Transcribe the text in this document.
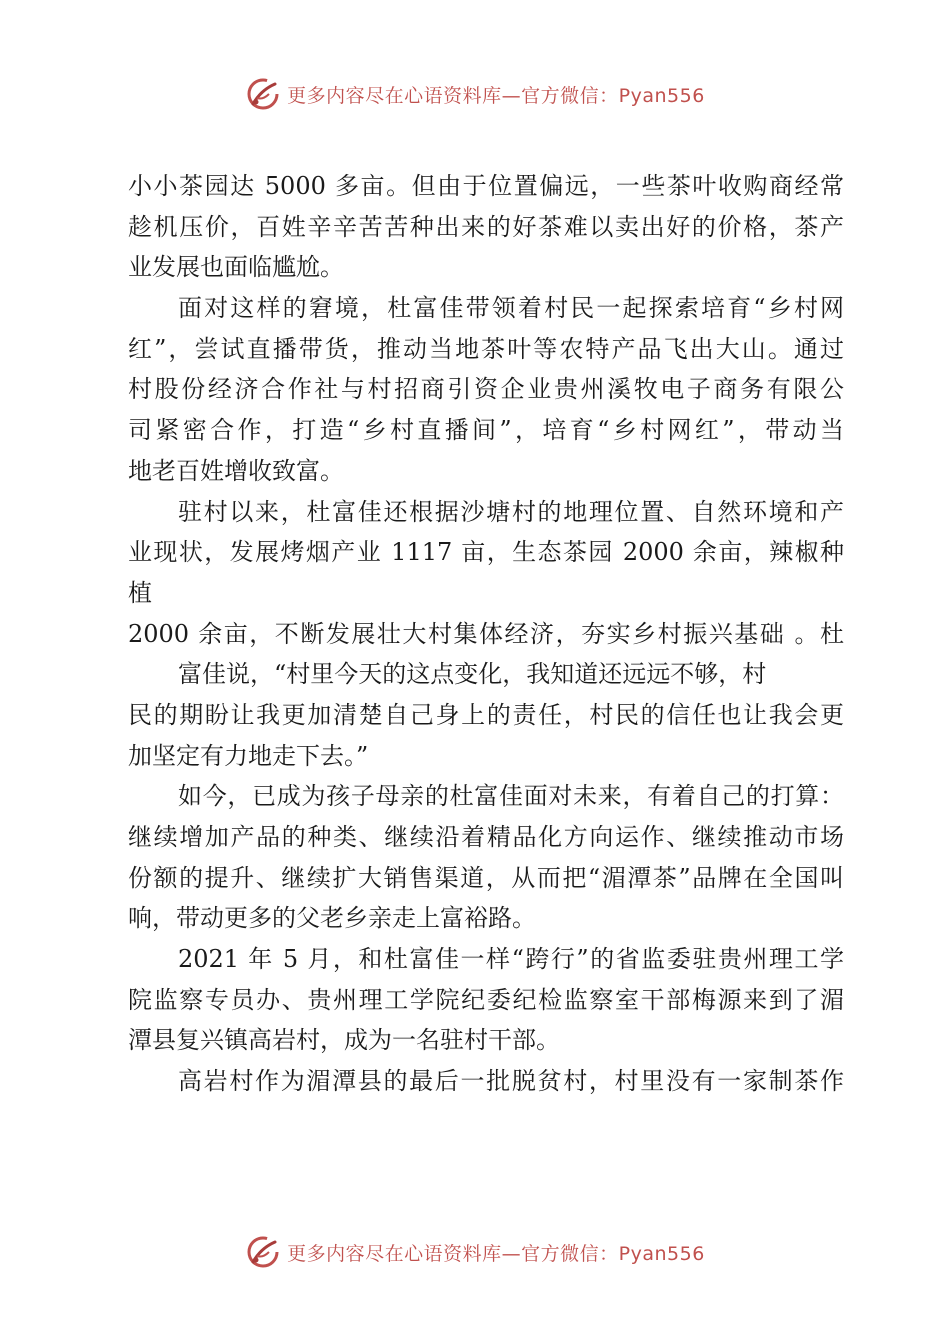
更多内容尽在心语资料库—官方微信：Pyan556
小小茶园达 5000 多亩。但由于位置偏远，一些茶叶收购商经常
趁机压价，百姓辛辛苦苦种出来的好茶难以卖出好的价格，茶产
业发展也面临尴尬。
面对这样的窘境，杜富佳带领着村民一起探索培育“乡村网
红”，尝试直播带货，推动当地茶叶等农特产品飞出大山。通过
村股份经济合作社与村招商引资企业贵州溪牧电子商务有限公
司紧密合作，打造“乡村直播间”，培育“乡村网红”，带动当
地老百姓增收致富。
驻村以来，杜富佳还根据沙塘村的地理位置、自然环境和产
业现状，发展烤烟产业 1117 亩，生态茶园 2000 余亩，辣椒种
植
2000 余亩，不断发展壮大村集体经济，夯实乡村振兴基础 。杜
富佳说，“村里今天的这点变化，我知道还远远不够，村
民的期盼让我更加清楚自己身上的责任，村民的信任也让我会更
加坚定有力地走下去。”
如今，已成为孩子母亲的杜富佳面对未来，有着自己的打算：
继续增加产品的种类、继续沿着精品化方向运作、继续推动市场
份额的提升、继续扩大销售渠道，从而把“湄潭茶”品牌在全国叫
响，带动更多的父老乡亲走上富裕路。
2021 年 5 月，和杜富佳一样“跨行”的省监委驻贵州理工学
院监察专员办、贵州理工学院纪委纪检监察室干部梅源来到了湄
潭县复兴镇高岩村，成为一名驻村干部。
高岩村作为湄潭县的最后一批脱贫村，村里没有一家制茶作
更多内容尽在心语资料库—官方微信：Pyan556
